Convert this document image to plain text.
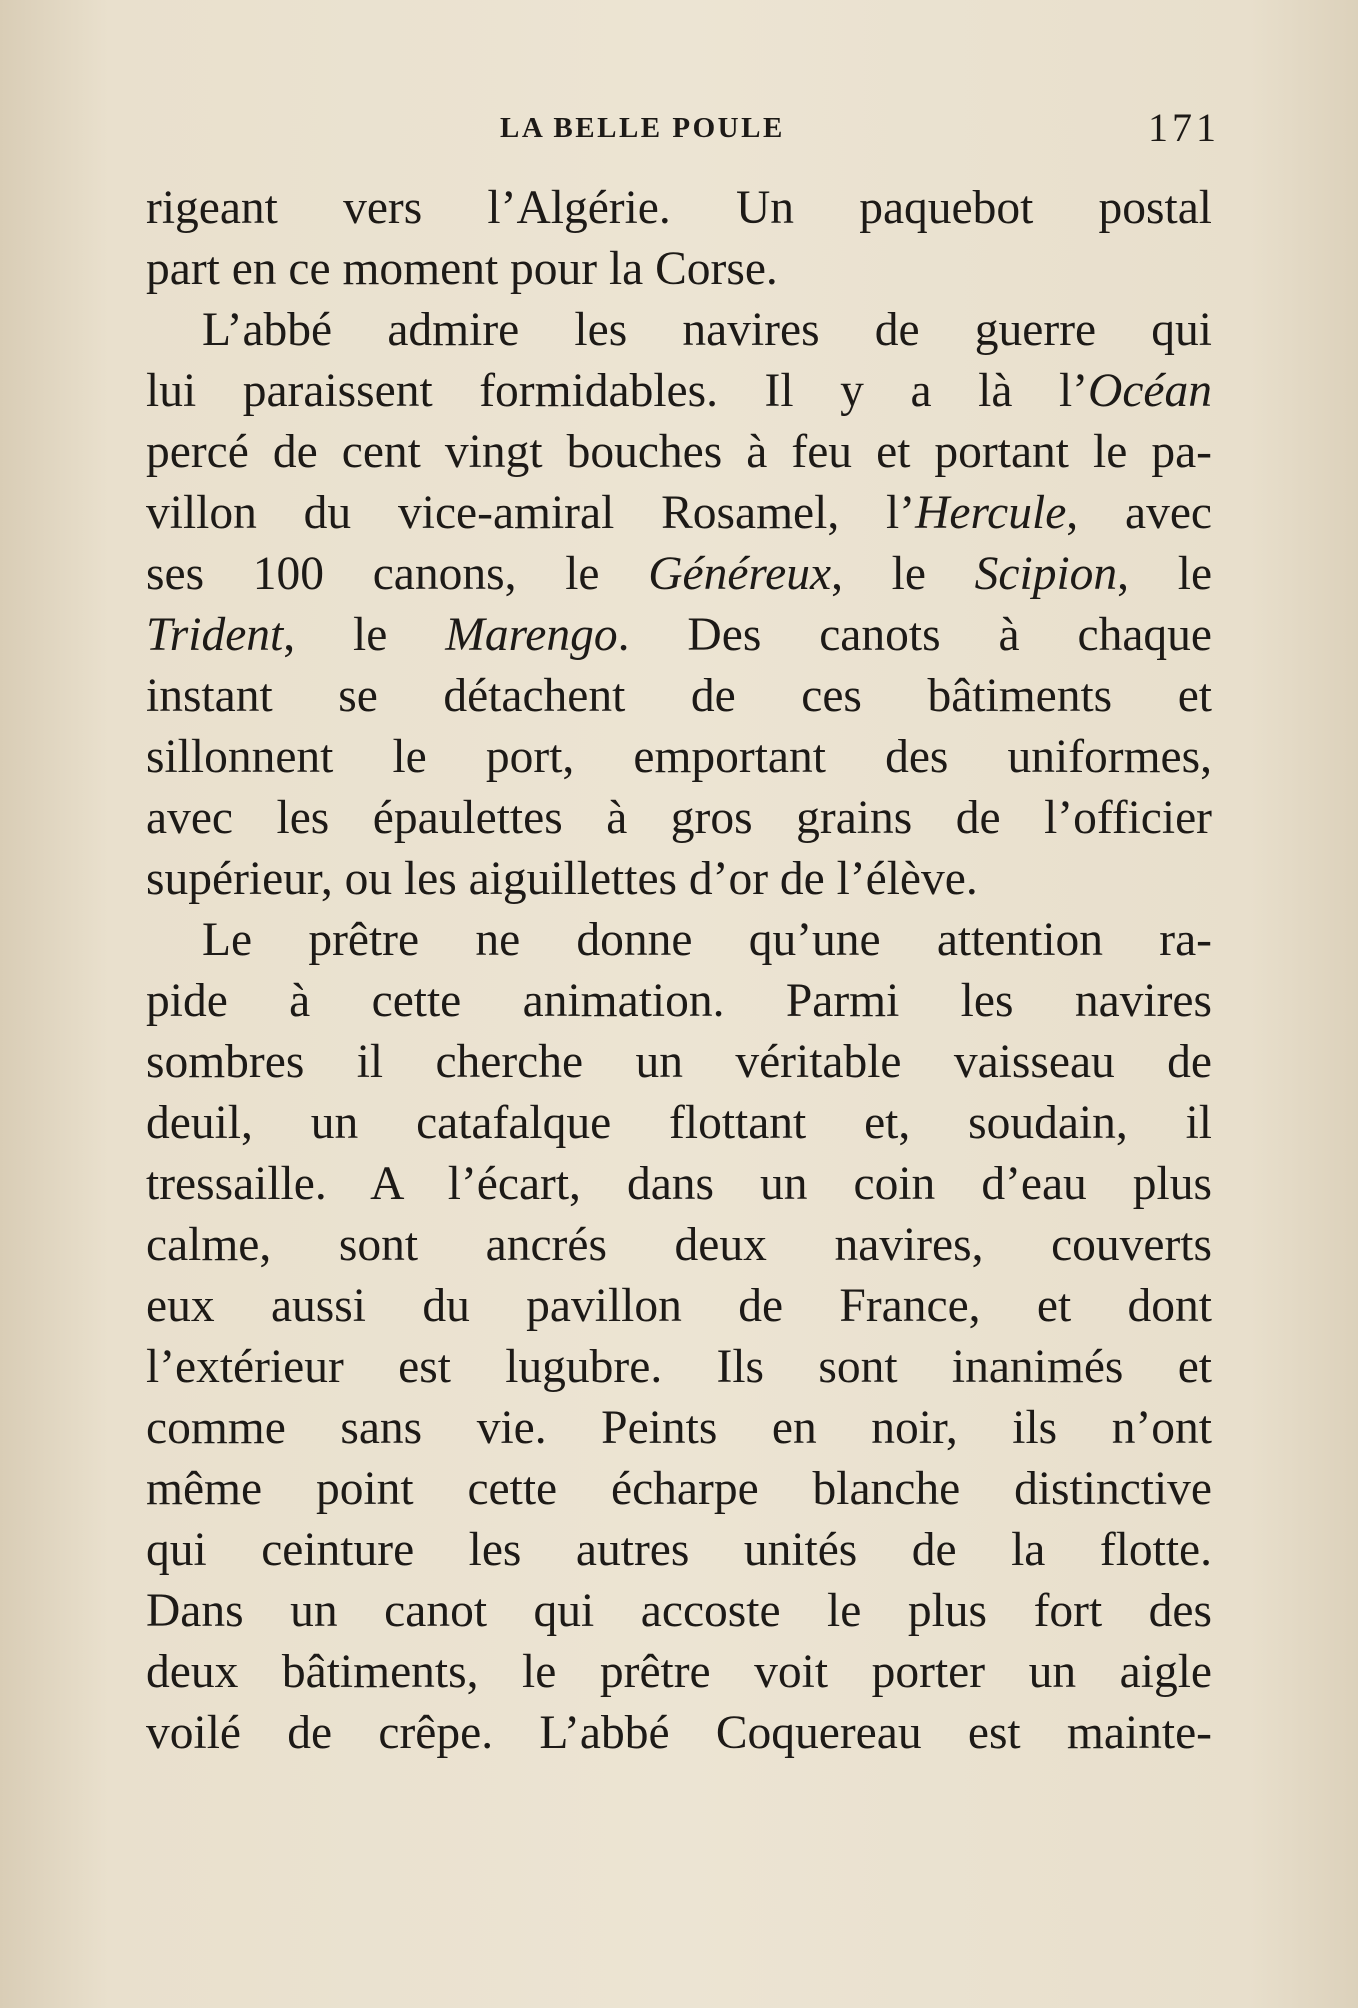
LA BELLE POULE	171
rigeant vers l’Algérie. Un paquebot postal
part en ce moment pour la Corse.
L’abbé admire les navires de guerre qui
lui paraissent formidables. Il y a là l’Océan
percé de cent vingt bouches à feu et portant le pa-
villon du vice-amiral Rosamel, l’Hercule, avec
ses 100 canons, le Généreux, le Scipion, le
Trident, le Marengo. Des canots à chaque
instant se détachent de ces bâtiments et
sillonnent le port, emportant des uniformes,
avec les épaulettes à gros grains de l’officier
supérieur, ou les aiguillettes d’or de l’élève.
Le prêtre ne donne qu’une attention ra-
pide à cette animation. Parmi les navires
sombres il cherche un véritable vaisseau de
deuil, un catafalque flottant et, soudain, il
tressaille. A l’écart, dans un coin d’eau plus
calme, sont ancrés deux navires, couverts
eux aussi du pavillon de France, et dont
l’extérieur est lugubre. Ils sont inanimés et
comme sans vie. Peints en noir, ils n’ont
même point cette écharpe blanche distinctive
qui ceinture les autres unités de la flotte.
Dans un canot qui accoste le plus fort des
deux bâtiments, le prêtre voit porter un aigle
voilé de crêpe. L’abbé Coquereau est mainte-
